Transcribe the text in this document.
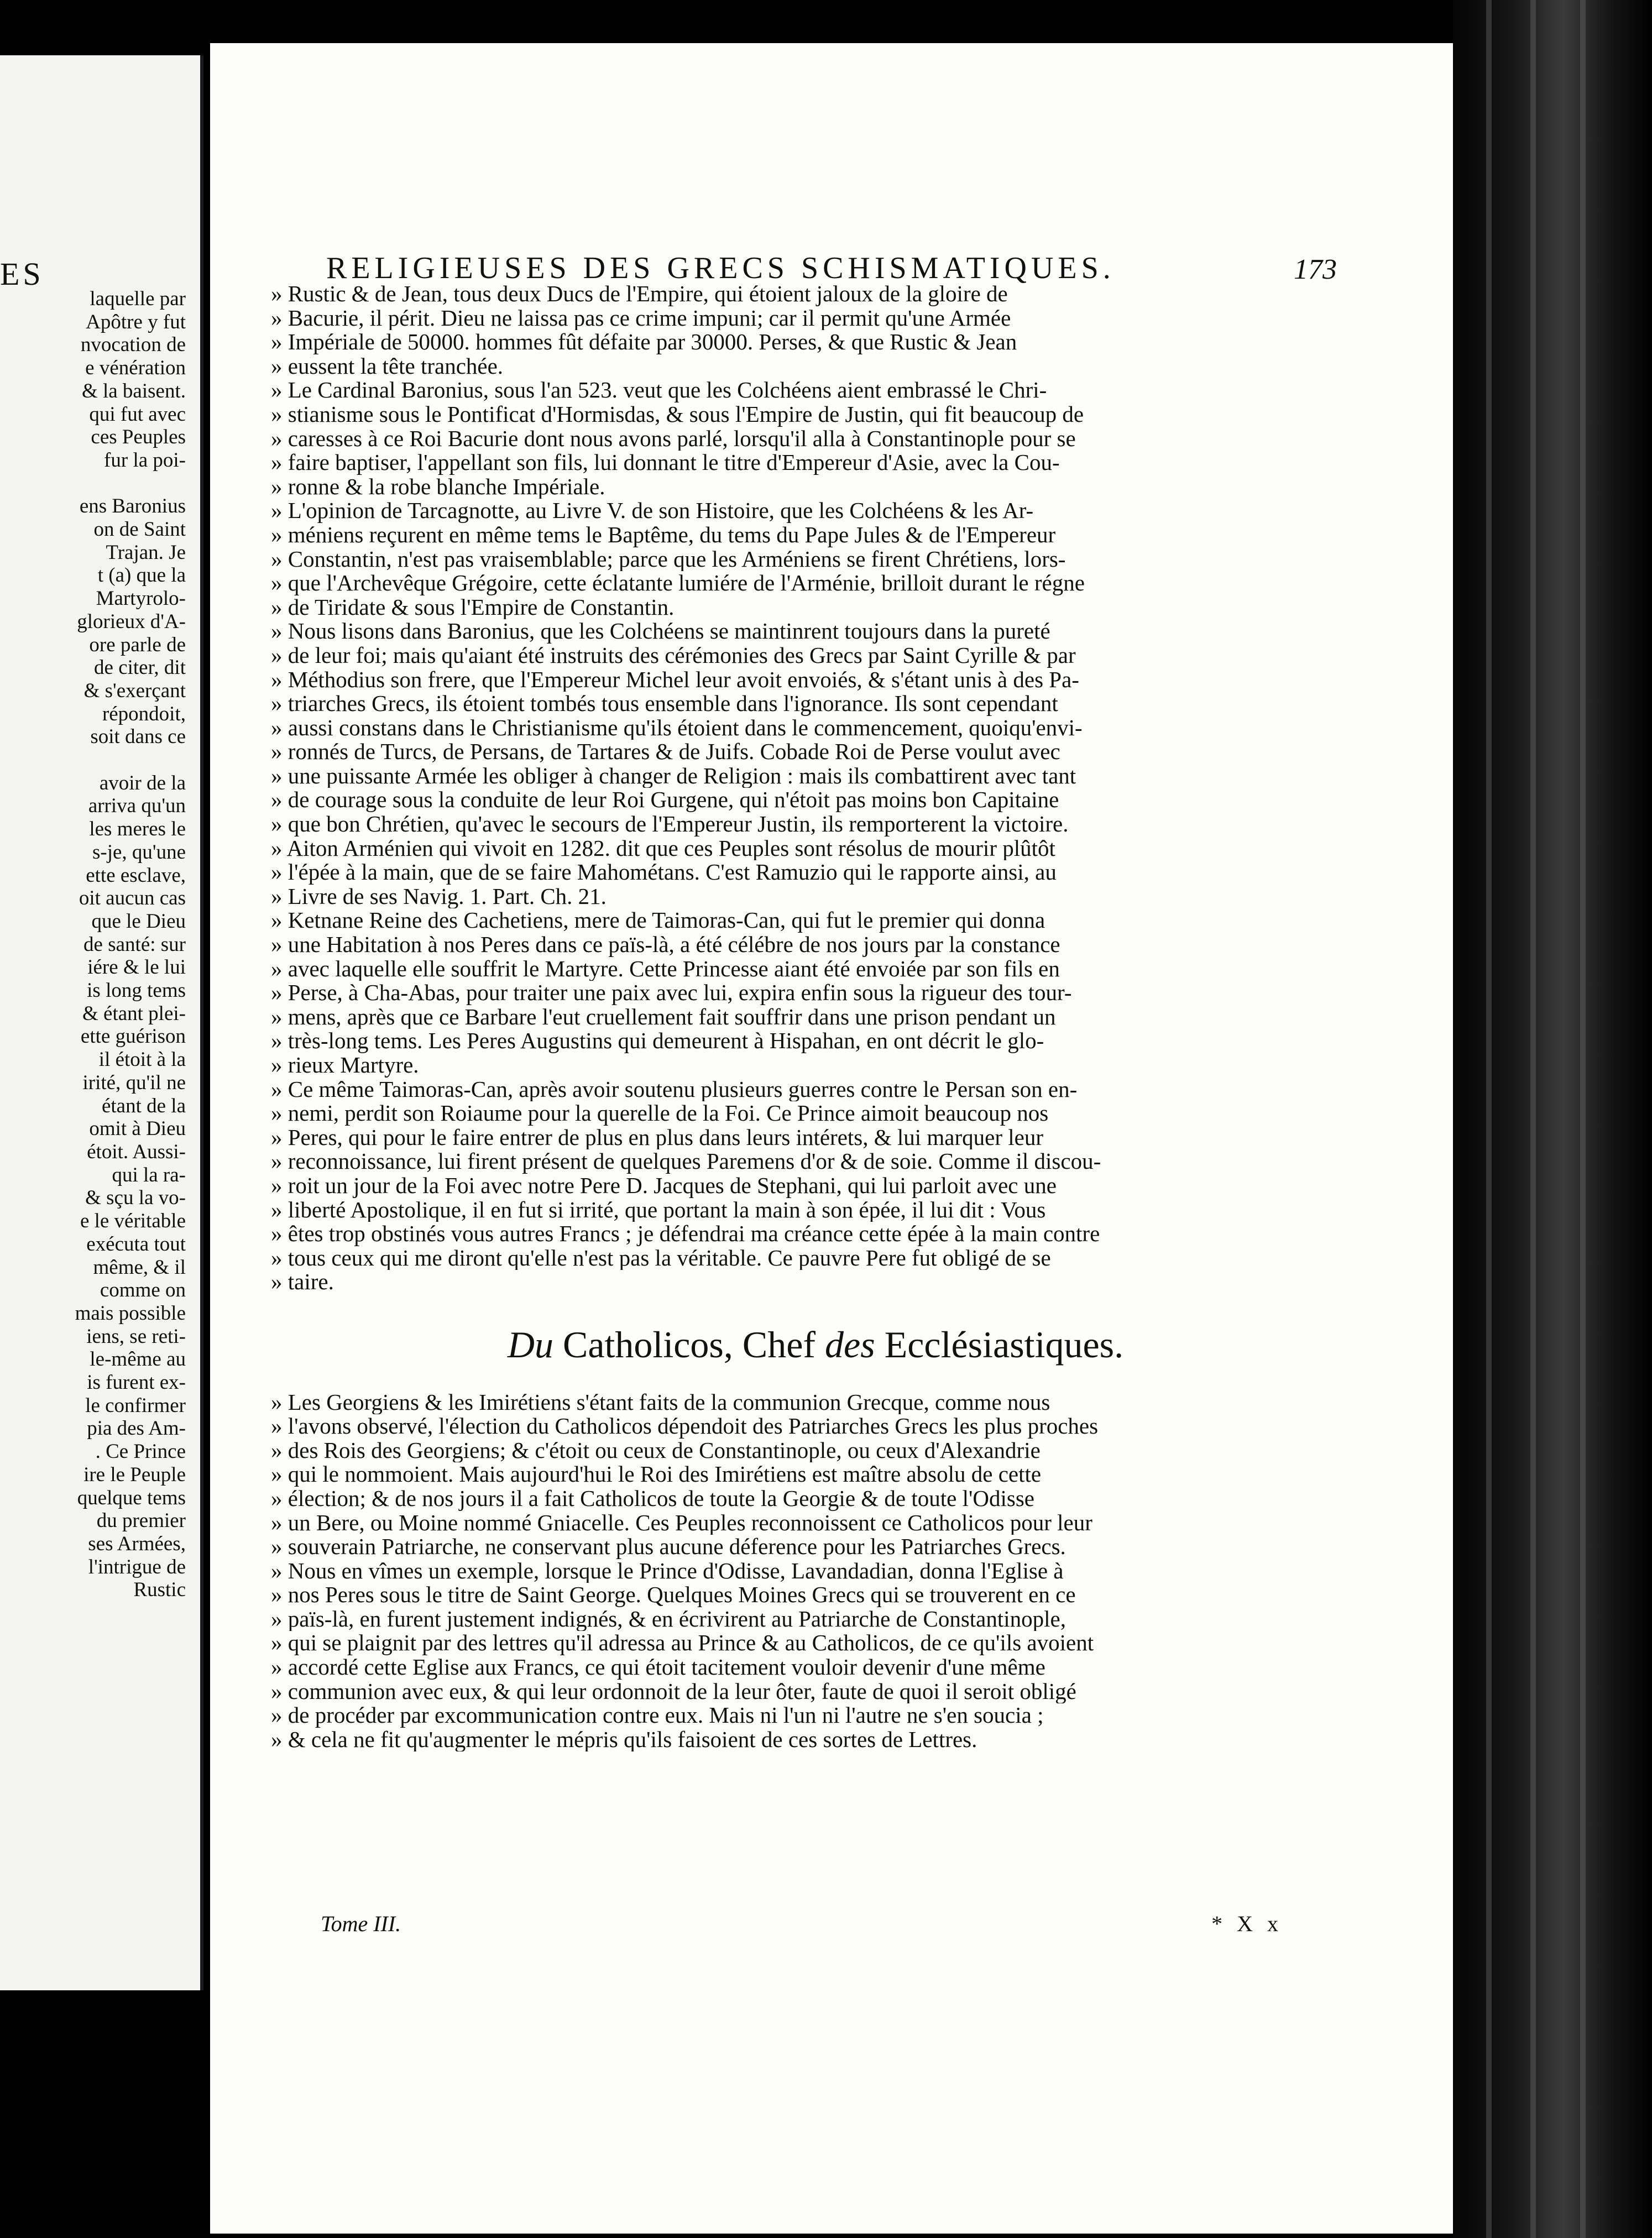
ES
laquelle par
Apôtre y fut
nvocation de
e vénération
& la baisent.
qui fut avec
ces Peuples
fur la poi-
ens Baronius
on de Saint
Trajan. Je
t (a) que la
Martyrolo-
glorieux d'A-
ore parle de
de citer, dit
& s'exerçant
répondoit,
soit dans ce
avoir de la
arriva qu'un
les meres le
s-je, qu'une
ette esclave,
oit aucun cas
que le Dieu
de santé: sur
iére & le lui
is long tems
& étant plei-
ette guérison
il étoit à la
irité, qu'il ne
étant de la
omit à Dieu
étoit. Aussi-
qui la ra-
& sçu la vo-
e le véritable
exécuta tout
même, & il
comme on
mais possible
iens, se reti-
le-même au
is furent ex-
le confirmer
pia des Am-
. Ce Prince
ire le Peuple
quelque tems
du premier
ses Armées,
l'intrigue de
Rustic
RELIGIEUSES DES GRECS SCHISMATIQUES.	173
» Rustic & de Jean, tous deux Ducs de l'Empire, qui étoient jaloux de la gloire de
» Bacurie, il périt. Dieu ne laissa pas ce crime impuni; car il permit qu'une Armée
» Impériale de 50000. hommes fût défaite par 30000. Perses, & que Rustic & Jean
» eussent la tête tranchée.
» Le Cardinal Baronius, sous l'an 523. veut que les Colchéens aient embrassé le Chri-
» stianisme sous le Pontificat d'Hormisdas, & sous l'Empire de Justin, qui fit beaucoup de
» caresses à ce Roi Bacurie dont nous avons parlé, lorsqu'il alla à Constantinople pour se
» faire baptiser, l'appellant son fils, lui donnant le titre d'Empereur d'Asie, avec la Cou-
» ronne & la robe blanche Impériale.
» L'opinion de Tarcagnotte, au Livre V. de son Histoire, que les Colchéens & les Ar-
» méniens reçurent en même tems le Baptême, du tems du Pape Jules & de l'Empereur
» Constantin, n'est pas vraisemblable; parce que les Arméniens se firent Chrétiens, lors-
» que l'Archevêque Grégoire, cette éclatante lumiére de l'Arménie, brilloit durant le régne
» de Tiridate & sous l'Empire de Constantin.
» Nous lisons dans Baronius, que les Colchéens se maintinrent toujours dans la pureté
» de leur foi; mais qu'aiant été instruits des cérémonies des Grecs par Saint Cyrille & par
» Méthodius son frere, que l'Empereur Michel leur avoit envoiés, & s'étant unis à des Pa-
» triarches Grecs, ils étoient tombés tous ensemble dans l'ignorance. Ils sont cependant
» aussi constans dans le Christianisme qu'ils étoient dans le commencement, quoiqu'envi-
» ronnés de Turcs, de Persans, de Tartares & de Juifs. Cobade Roi de Perse voulut avec
» une puissante Armée les obliger à changer de Religion : mais ils combattirent avec tant
» de courage sous la conduite de leur Roi Gurgene, qui n'étoit pas moins bon Capitaine
» que bon Chrétien, qu'avec le secours de l'Empereur Justin, ils remporterent la victoire.
» Aiton Arménien qui vivoit en 1282. dit que ces Peuples sont résolus de mourir plûtôt
» l'épée à la main, que de se faire Mahométans. C'est Ramuzio qui le rapporte ainsi, au
» Livre de ses Navig. 1. Part. Ch. 21.
» Ketnane Reine des Cachetiens, mere de Taimoras-Can, qui fut le premier qui donna
» une Habitation à nos Peres dans ce païs-là, a été célébre de nos jours par la constance
» avec laquelle elle souffrit le Martyre. Cette Princesse aiant été envoiée par son fils en
» Perse, à Cha-Abas, pour traiter une paix avec lui, expira enfin sous la rigueur des tour-
» mens, après que ce Barbare l'eut cruellement fait souffrir dans une prison pendant un
» très-long tems. Les Peres Augustins qui demeurent à Hispahan, en ont décrit le glo-
» rieux Martyre.
» Ce même Taimoras-Can, après avoir soutenu plusieurs guerres contre le Persan son en-
» nemi, perdit son Roiaume pour la querelle de la Foi. Ce Prince aimoit beaucoup nos
» Peres, qui pour le faire entrer de plus en plus dans leurs intérets, & lui marquer leur
» reconnoissance, lui firent présent de quelques Paremens d'or & de soie. Comme il discou-
» roit un jour de la Foi avec notre Pere D. Jacques de Stephani, qui lui parloit avec une
» liberté Apostolique, il en fut si irrité, que portant la main à son épée, il lui dit : Vous
» êtes trop obstinés vous autres Francs ; je défendrai ma créance cette épée à la main contre
» tous ceux qui me diront qu'elle n'est pas la véritable. Ce pauvre Pere fut obligé de se
» taire.
Du Catholicos, Chef des Ecclésiastiques.
» Les Georgiens & les Imirétiens s'étant faits de la communion Grecque, comme nous
» l'avons observé, l'élection du Catholicos dépendoit des Patriarches Grecs les plus proches
» des Rois des Georgiens; & c'étoit ou ceux de Constantinople, ou ceux d'Alexandrie
» qui le nommoient. Mais aujourd'hui le Roi des Imirétiens est maître absolu de cette
» élection; & de nos jours il a fait Catholicos de toute la Georgie & de toute l'Odisse
» un Bere, ou Moine nommé Gniacelle. Ces Peuples reconnoissent ce Catholicos pour leur
» souverain Patriarche, ne conservant plus aucune déference pour les Patriarches Grecs.
» Nous en vîmes un exemple, lorsque le Prince d'Odisse, Lavandadian, donna l'Eglise à
» nos Peres sous le titre de Saint George. Quelques Moines Grecs qui se trouverent en ce
» païs-là, en furent justement indignés, & en écrivirent au Patriarche de Constantinople,
» qui se plaignit par des lettres qu'il adressa au Prince & au Catholicos, de ce qu'ils avoient
» accordé cette Eglise aux Francs, ce qui étoit tacitement vouloir devenir d'une même
» communion avec eux, & qui leur ordonnoit de la leur ôter, faute de quoi il seroit obligé
» de procéder par excommunication contre eux. Mais ni l'un ni l'autre ne s'en soucia ;
» & cela ne fit qu'augmenter le mépris qu'ils faisoient de ces sortes de Lettres.
Tome III.	* X x
